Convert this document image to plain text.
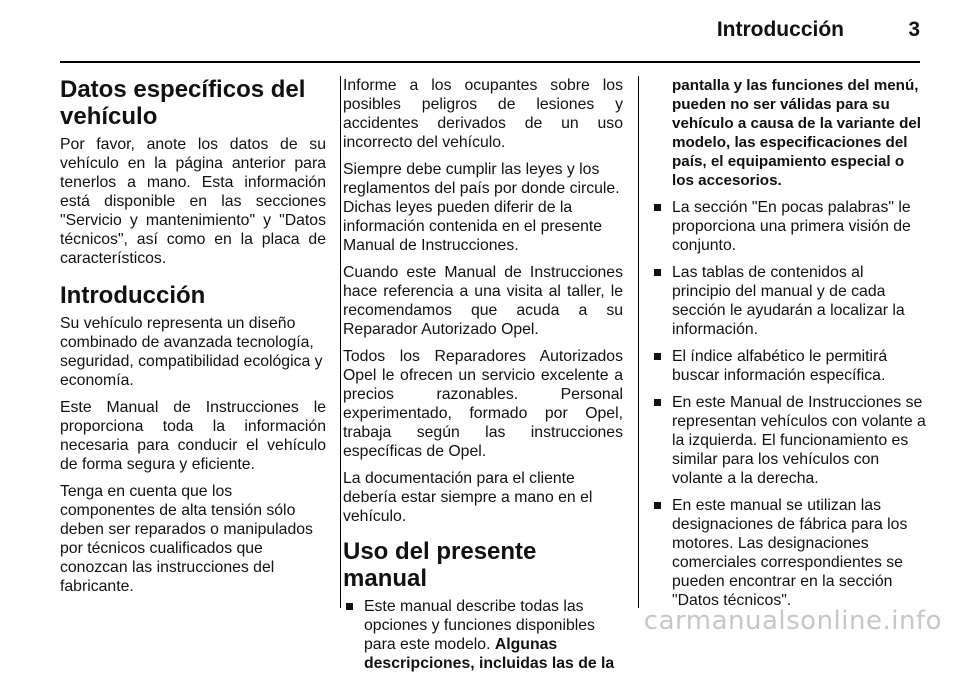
Introducción	3
Datos específicos del vehículo

Por favor, anote los datos de su vehículo en la página anterior para tenerlos a mano. Esta información está disponible en las secciones "Servicio y mantenimiento" y "Datos técnicos", así como en la placa de característicos.

Introducción

Su vehículo representa un diseño combinado de avanzada tecnología, seguridad, compatibilidad ecológica y economía.

Este Manual de Instrucciones le proporciona toda la información necesaria para conducir el vehículo de forma segura y eficiente.

Tenga en cuenta que los componentes de alta tensión sólo deben ser reparados o manipulados por técnicos cualificados que conozcan las instrucciones del fabricante.

Informe a los ocupantes sobre los posibles peligros de lesiones y accidentes derivados de un uso incorrecto del vehículo.

Siempre debe cumplir las leyes y los reglamentos del país por donde circule. Dichas leyes pueden diferir de la información contenida en el presente Manual de Instrucciones.

Cuando este Manual de Instrucciones hace referencia a una visita al taller, le recomendamos que acuda a su Reparador Autorizado Opel.

Todos los Reparadores Autorizados Opel le ofrecen un servicio excelente a precios razonables. Personal experimentado, formado por Opel, trabaja según las instrucciones específicas de Opel.

La documentación para el cliente debería estar siempre a mano en el vehículo.

Uso del presente manual
Este manual describe todas las opciones y funciones disponibles para este modelo. Algunas descripciones, incluidas las de la

pantalla y las funciones del menú, pueden no ser válidas para su vehículo a causa de la variante del modelo, las especificaciones del país, el equipamiento especial o los accesorios.

La sección "En pocas palabras" le proporciona una primera visión de conjunto.
Las tablas de contenidos al principio del manual y de cada sección le ayudarán a localizar la información.
El índice alfabético le permitirá buscar información específica.
En este Manual de Instrucciones se representan vehículos con volante a la izquierda. El funcionamiento es similar para los vehículos con volante a la derecha.
En este manual se utilizan las designaciones de fábrica para los motores. Las designaciones comerciales correspondientes se pueden encontrar en la sección "Datos técnicos".
carmanualsonline.info
